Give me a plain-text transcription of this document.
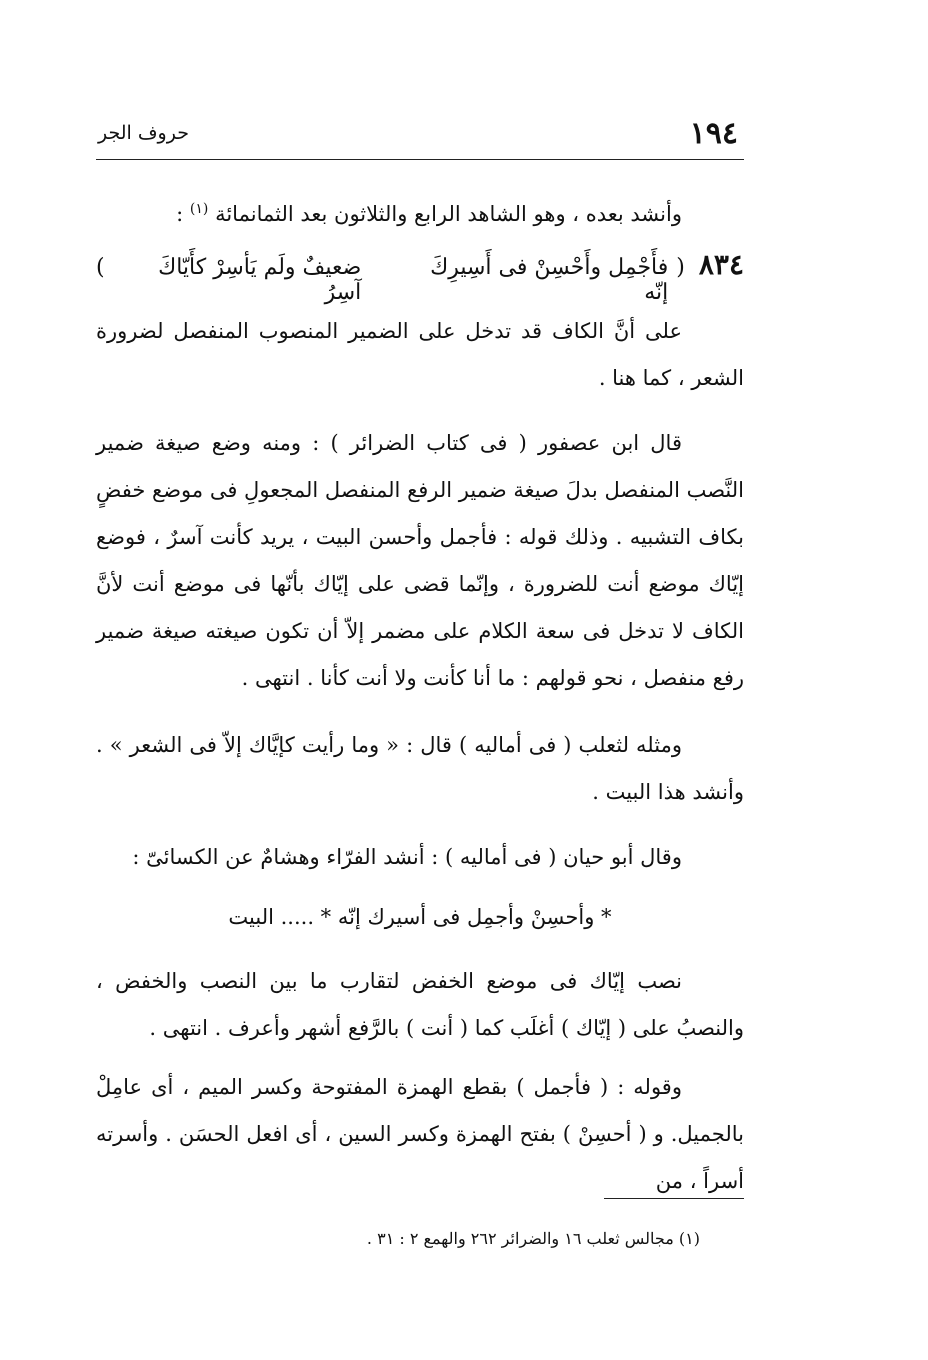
١٩٤
حروف الجر
وأنشد بعده ، وهو الشاهد الرابع والثلاثون بعد الثمانمائة $^{(١)}$ :
٨٣٤
(
فأَجْمِل وأَحْسِنْ فى أَسِيرِكَ إنّه
ضعيفٌ ولَم يَأسِرْ كأَيّاكَ آسِرُ
)
على أنَّ الكاف قد تدخل على الضمير المنصوب المنفصل لضرورة الشعر ، كما هنا .
قال ابن عصفور ( فى كتاب الضرائر ) : ومنه وضع صيغة ضمير النَّصب المنفصل بدلَ صيغة ضمير الرفع المنفصل المجعولِ فى موضع خفضٍ بكاف التشبيه . وذلك قوله : فأجمل وأحسن البيت ، يريد كأنت آسرٌ ، فوضع إيّاك موضع أنت للضرورة ، وإنّما قضى على إيّاك بأنّها فى موضع أنت لأنَّ الكاف لا تدخل فى سعة الكلام على مضمر إلاّ أن تكون صيغته صيغة ضمير رفع منفصل ، نحو قولهم : ما أنا كأنت ولا أنت كأنا . انتهى .
ومثله لثعلب ( فى أماليه ) قال : « وما رأيت كإيَّاك إلاّ فى الشعر » . وأنشد هذا البيت .
وقال أبو حيان ( فى أماليه ) : أنشد الفرّاء وهشامٌ عن الكسائىّ :
* وأحسِنْ وأجمِل فى أسيرك إنّه * ..... البيت
نصب إيّاك فى موضع الخفض لتقارب ما بين النصب والخفض ، والنصبُ على ( إيّاك ) أغلَب كما ( أنت ) بالرَّفع أشهر وأعرف . انتهى .
وقوله : ( فأجمل ) بقطع الهمزة المفتوحة وكسر الميم ، أى عامِلْ بالجميل. و ( أحسِنْ ) بفتح الهمزة وكسر السين ، أى افعل الحسَن . وأسرته أسراً ، من
(١) مجالس ثعلب ١٦ والضرائر ٢٦٢ والهمع ٢ : ٣١ .
